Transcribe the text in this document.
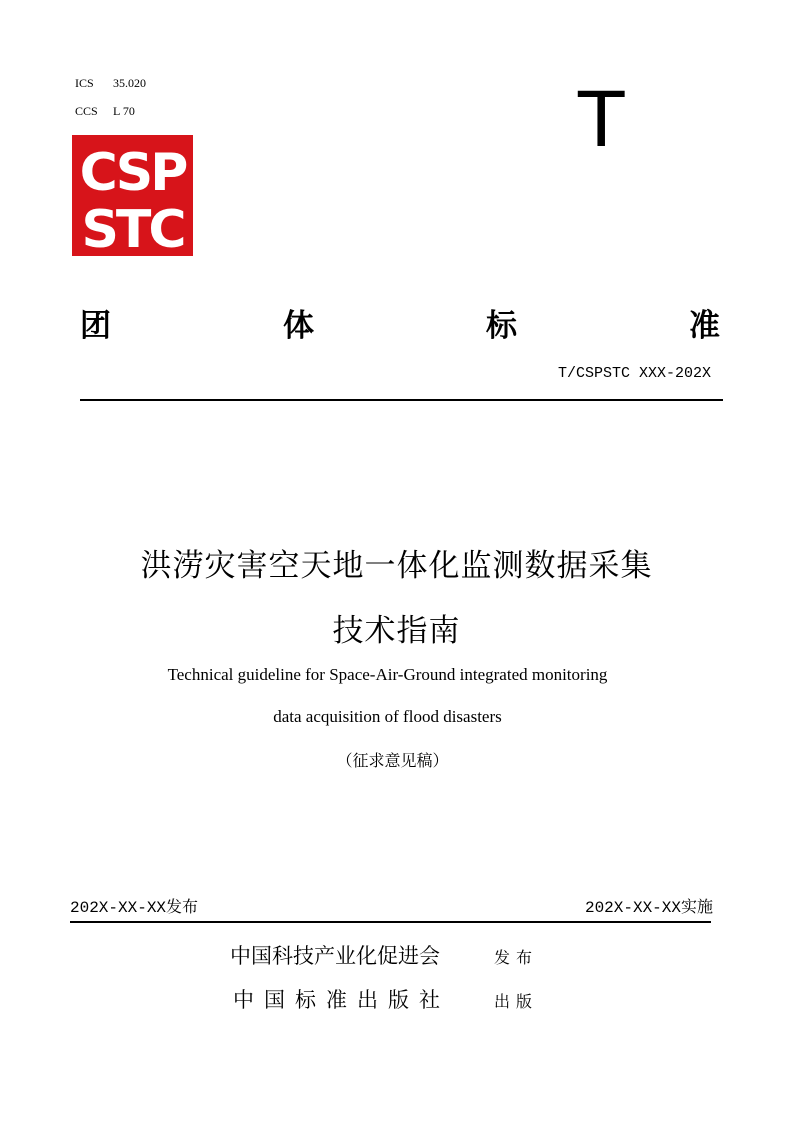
ICS 35.020
CCS L 70	T
CSP
STC
团	体	标	准
T/CSPSTC XXX-202X
洪涝灾害空天地一体化监测数据采集
技术指南
Technical guideline for Space-Air-Ground integrated monitoring
data acquisition of flood disasters
（征求意见稿）
202X-XX-XX发布	202X-XX-XX实施
中国科技产业化促进会	发布
中国标准出版社	出版
